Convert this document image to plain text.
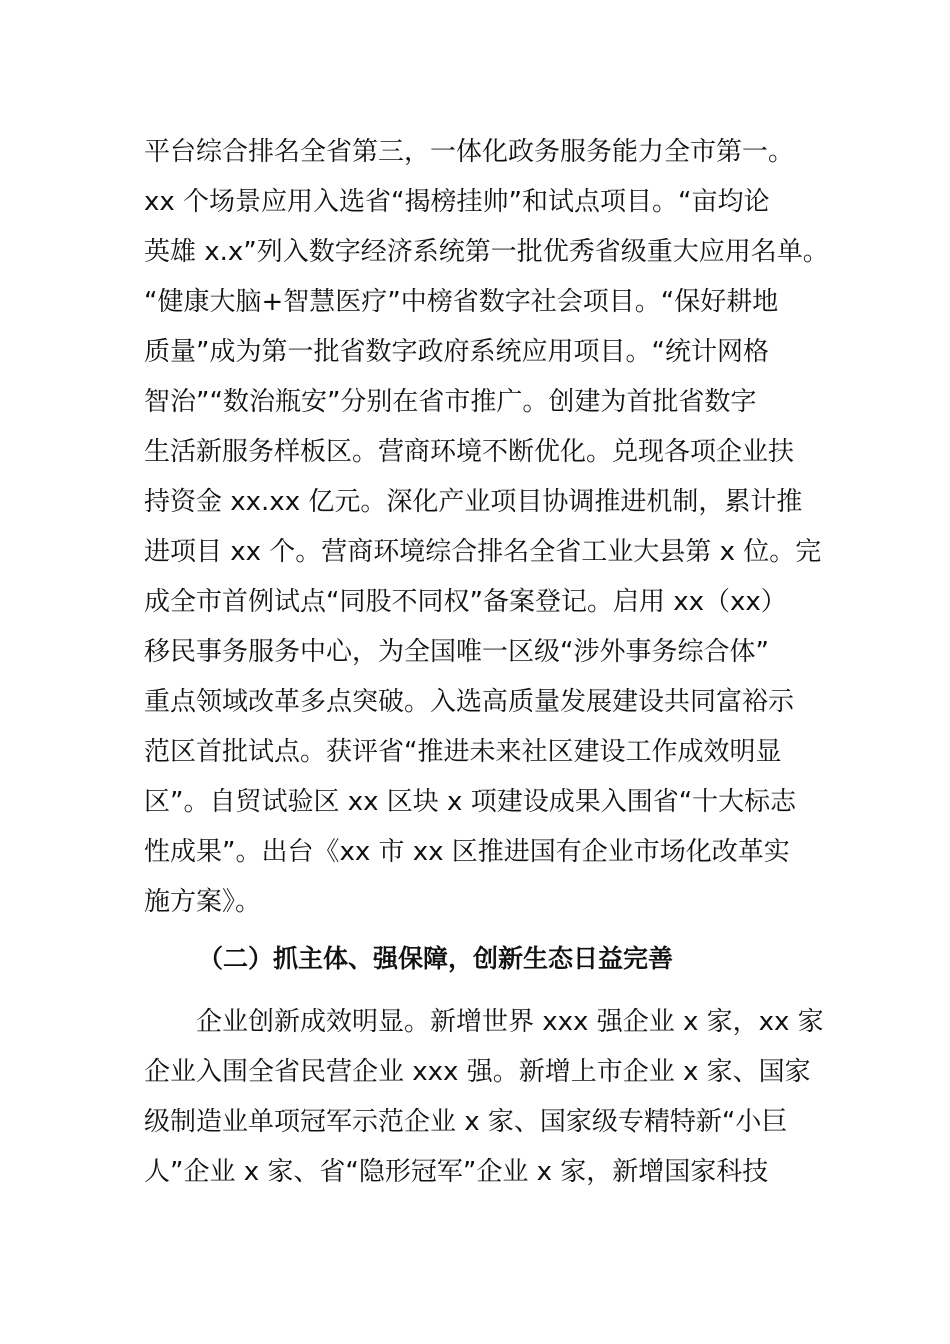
平台综合排名全省第三，一体化政务服务能力全市第一。
xx 个场景应用入选省“揭榜挂帅”和试点项目。“亩均论
英雄 x.x”列入数字经济系统第一批优秀省级重大应用名单。
“健康大脑+智慧医疗”中榜省数字社会项目。“保好耕地
质量”成为第一批省数字政府系统应用项目。“统计网格
智治”“数治瓶安”分别在省市推广。创建为首批省数字
生活新服务样板区。营商环境不断优化。兑现各项企业扶
持资金 xx.xx 亿元。深化产业项目协调推进机制，累计推
进项目 xx 个。营商环境综合排名全省工业大县第 x 位。完
成全市首例试点“同股不同权”备案登记。启用 xx（xx）
移民事务服务中心，为全国唯一区级“涉外事务综合体”
重点领域改革多点突破。入选高质量发展建设共同富裕示
范区首批试点。获评省“推进未来社区建设工作成效明显
区”。自贸试验区 xx 区块 x 项建设成果入围省“十大标志
性成果”。出台《xx 市 xx 区推进国有企业市场化改革实
施方案》。
（二）抓主体、强保障，创新生态日益完善
企业创新成效明显。新增世界 xxx 强企业 x 家，xx 家
企业入围全省民营企业 xxx 强。新增上市企业 x 家、国家
级制造业单项冠军示范企业 x 家、国家级专精特新“小巨
人”企业 x 家、省“隐形冠军”企业 x 家，新增国家科技
